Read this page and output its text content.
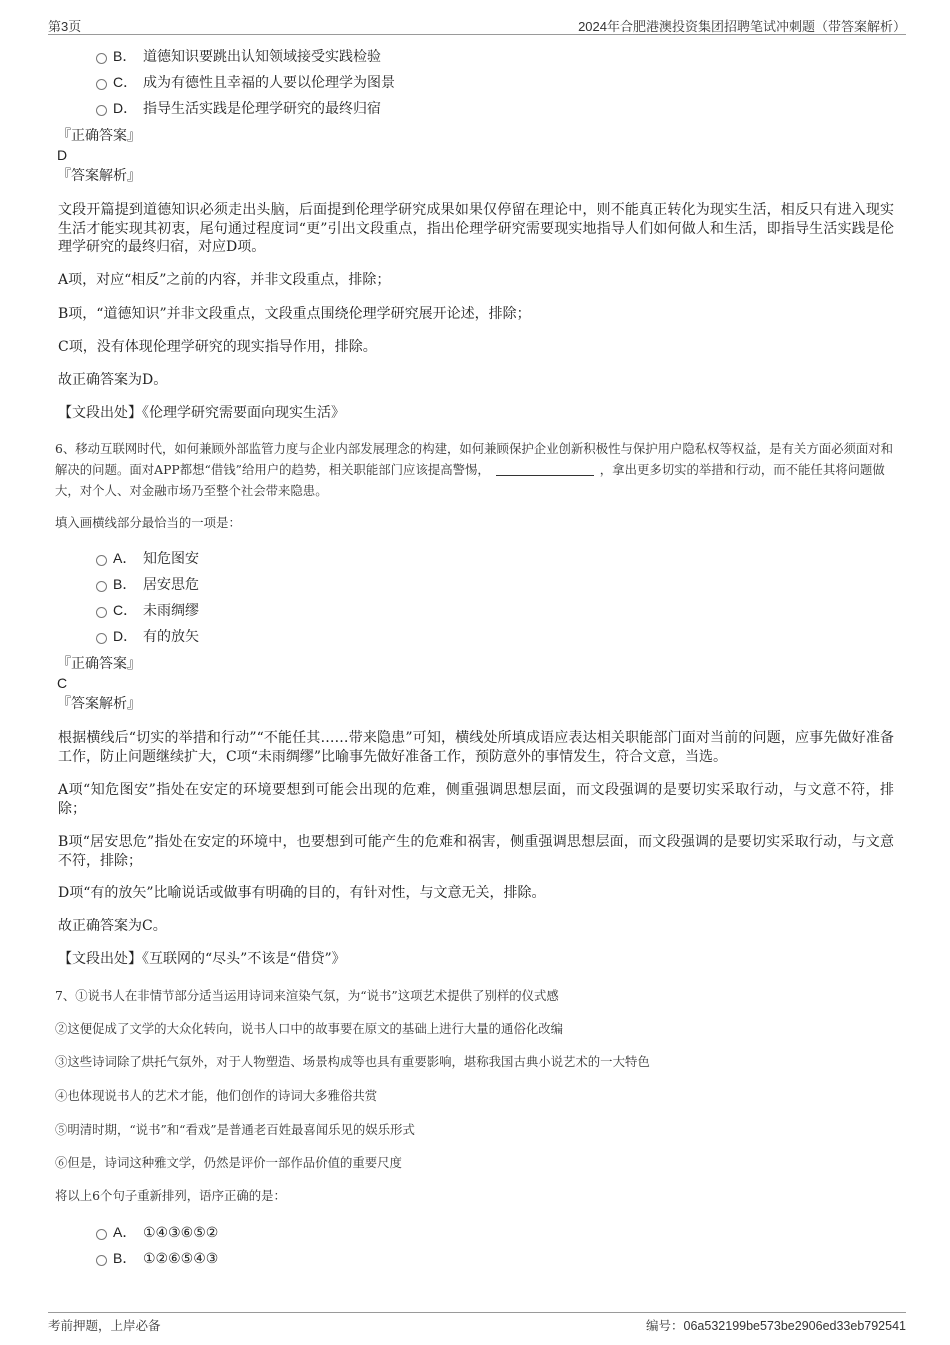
第3页	2024年合肥港澳投资集团招聘笔试冲刺题（带答案解析）
B． 道德知识要跳出认知领域接受实践检验
C． 成为有德性且幸福的人要以伦理学为图景
D． 指导生活实践是伦理学研究的最终归宿
『正确答案』
D
『答案解析』
文段开篇提到道德知识必须走出头脑，后面提到伦理学研究成果如果仅停留在理论中，则不能真正转化为现实生活，相反只有进入现实生活才能实现其初衷，尾句通过程度词“更”引出文段重点，指出伦理学研究需要现实地指导人们如何做人和生活，即指导生活实践是伦理学研究的最终归宿，对应D项。
A项，对应“相反”之前的内容，并非文段重点，排除；
B项，“道德知识”并非文段重点，文段重点围绕伦理学研究展开论述，排除；
C项，没有体现伦理学研究的现实指导作用，排除。
故正确答案为D。
【文段出处】《伦理学研究需要面向现实生活》
6、移动互联网时代，如何兼顾外部监管力度与企业内部发展理念的构建，如何兼顾保护企业创新积极性与保护用户隐私权等权益，是有关方面必须面对和解决的问题。面对APP都想“借钱”给用户的趋势，相关职能部门应该提高警惕，	，拿出更多切实的举措和行动，而不能任其将问题做大，对个人、对金融市场乃至整个社会带来隐患。
填入画横线部分最恰当的一项是：
A． 知危图安
B． 居安思危
C． 未雨绸缪
D． 有的放矢
『正确答案』
C
『答案解析』
根据横线后“切实的举措和行动”“不能任其……带来隐患”可知，横线处所填成语应表达相关职能部门面对当前的问题，应事先做好准备工作，防止问题继续扩大，C项“未雨绸缪”比喻事先做好准备工作，预防意外的事情发生，符合文意，当选。
A项“知危图安”指处在安定的环境要想到可能会出现的危难，侧重强调思想层面，而文段强调的是要切实采取行动，与文意不符，排除；
B项“居安思危”指处在安定的环境中，也要想到可能产生的危难和祸害，侧重强调思想层面，而文段强调的是要切实采取行动，与文意不符，排除；
D项“有的放矢”比喻说话或做事有明确的目的，有针对性，与文意无关，排除。
故正确答案为C。
【文段出处】《互联网的“尽头”不该是“借贷”》
7、①说书人在非情节部分适当运用诗词来渲染气氛，为“说书”这项艺术提供了别样的仪式感
②这便促成了文学的大众化转向，说书人口中的故事要在原文的基础上进行大量的通俗化改编
③这些诗词除了烘托气氛外，对于人物塑造、场景构成等也具有重要影响，堪称我国古典小说艺术的一大特色
④也体现说书人的艺术才能，他们创作的诗词大多雅俗共赏
⑤明清时期，“说书”和“看戏”是普通老百姓最喜闻乐见的娱乐形式
⑥但是，诗词这种雅文学，仍然是评价一部作品价值的重要尺度
将以上6个句子重新排列，语序正确的是：
A． ①④③⑥⑤②
B． ①②⑥⑤④③
考前押题，上岸必备	编号：06a532199be573be2906ed33eb792541
